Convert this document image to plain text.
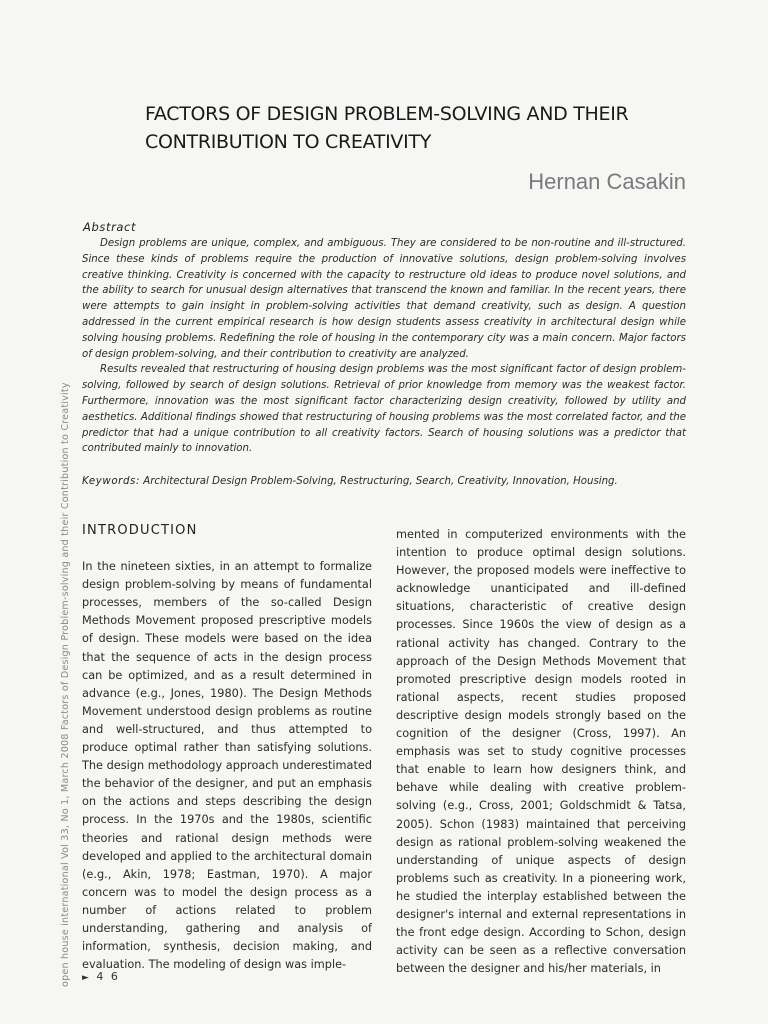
FACTORS OF DESIGN PROBLEM-SOLVING AND THEIR CONTRIBUTION TO CREATIVITY
Hernan Casakin
Abstract

Design problems are unique, complex, and ambiguous. They are considered to be non-routine and ill-structured. Since these kinds of problems require the production of innovative solutions, design problem-solving involves creative thinking. Creativity is concerned with the capacity to restructure old ideas to produce novel solutions, and the ability to search for unusual design alternatives that transcend the known and familiar. In the recent years, there were attempts to gain insight in problem-solving activities that demand creativity, such as design. A question addressed in the current empirical research is how design students assess creativity in architectural design while solving housing problems. Redefining the role of housing in the contemporary city was a main concern. Major factors of design problem-solving, and their contribution to creativity are analyzed.

Results revealed that restructuring of housing design problems was the most significant factor of design problem-solving, followed by search of design solutions. Retrieval of prior knowledge from memory was the weakest factor. Furthermore, innovation was the most significant factor characterizing design creativity, followed by utility and aesthetics. Additional findings showed that restructuring of housing problems was the most correlated factor, and the predictor that had a unique contribution to all creativity factors. Search of housing solutions was a predictor that contributed mainly to innovation.

Keywords: Architectural Design Problem-Solving, Restructuring, Search, Creativity, Innovation, Housing.
INTRODUCTION

In the nineteen sixties, in an attempt to formalize design problem-solving by means of fundamental processes, members of the so-called Design Methods Movement proposed prescriptive models of design. These models were based on the idea that the sequence of acts in the design process can be optimized, and as a result determined in advance (e.g., Jones, 1980). The Design Methods Movement understood design problems as routine and well-structured, and thus attempted to produce optimal rather than satisfying solutions. The design methodology approach underestimated the behavior of the designer, and put an emphasis on the actions and steps describing the design process. In the 1970s and the 1980s, scientific theories and rational design methods were developed and applied to the architectural domain (e.g., Akin, 1978; Eastman, 1970). A major concern was to model the design process as a number of actions related to problem understanding, gathering and analysis of information, synthesis, decision making, and evaluation. The modeling of design was imple-

mented in computerized environments with the intention to produce optimal design solutions. However, the proposed models were ineffective to acknowledge unanticipated and ill-defined situations, characteristic of creative design processes. Since 1960s the view of design as a rational activity has changed. Contrary to the approach of the Design Methods Movement that promoted prescriptive design models rooted in rational aspects, recent studies proposed descriptive design models strongly based on the cognition of the designer (Cross, 1997). An emphasis was set to study cognitive processes that enable to learn how designers think, and behave while dealing with creative problem-solving (e.g., Cross, 2001; Goldschmidt & Tatsa, 2005). Schon (1983) maintained that perceiving design as rational problem-solving weakened the understanding of unique aspects of design problems such as creativity. In a pioneering work, he studied the interplay established between the designer's internal and external representations in the front edge design. According to Schon, design activity can be seen as a reflective conversation between the designer and his/her materials, in

open house international Vol 33, No 1, March 2008 Factors of Design Problem-solving and their Contribution to Creativity ► 4 6
